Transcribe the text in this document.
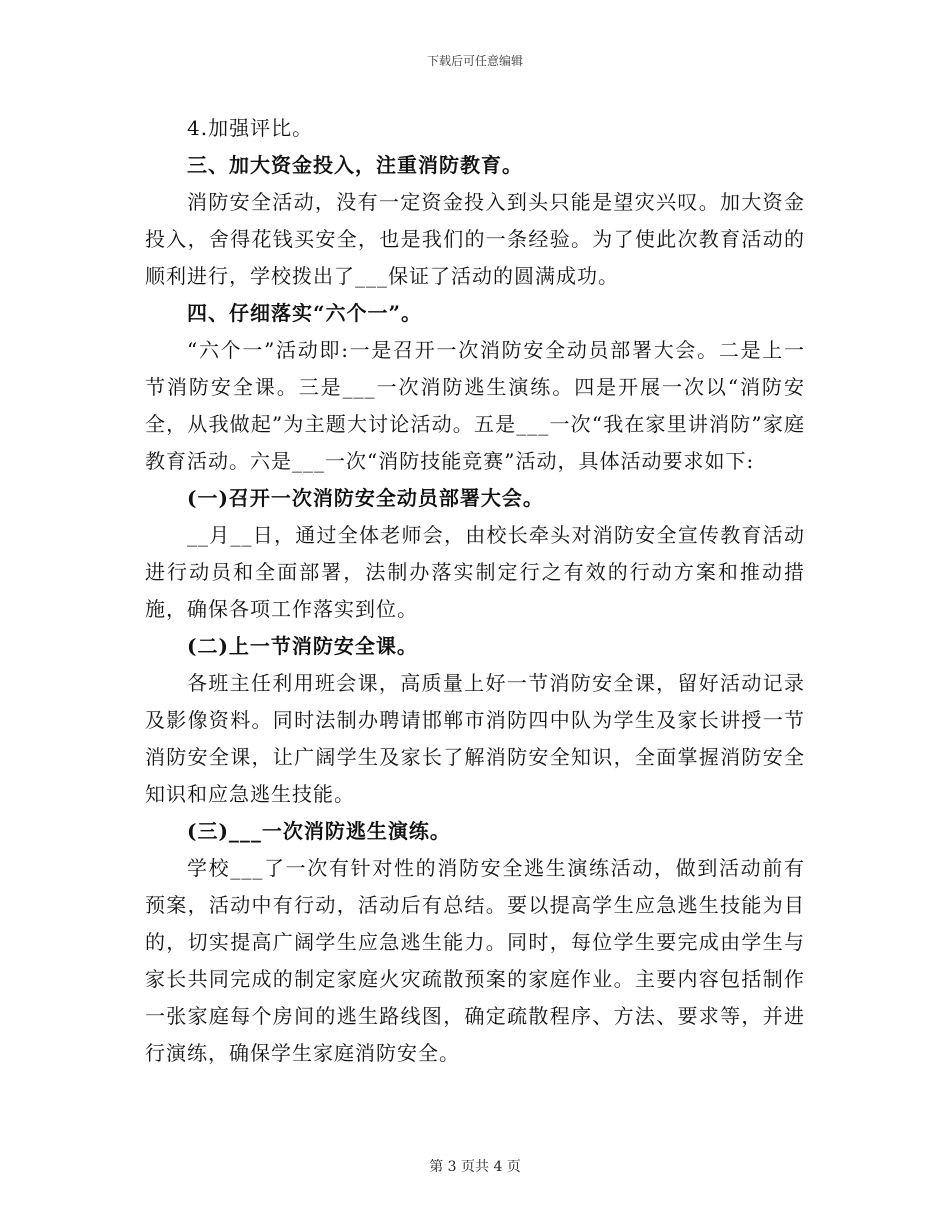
下载后可任意编辑

4.加强评比。

三、加大资金投入，注重消防教育。

消防安全活动，没有一定资金投入到头只能是望灾兴叹。加大资金投入，舍得花钱买安全，也是我们的一条经验。为了使此次教育活动的顺利进行，学校拨出了___保证了活动的圆满成功。

四、仔细落实“六个一”。

“六个一”活动即:一是召开一次消防安全动员部署大会。二是上一节消防安全课。三是___一次消防逃生演练。四是开展一次以“消防安全，从我做起”为主题大讨论活动。五是___一次“我在家里讲消防”家庭教育活动。六是___一次“消防技能竞赛”活动，具体活动要求如下:

(一)召开一次消防安全动员部署大会。

__月__日，通过全体老师会，由校长牵头对消防安全宣传教育活动进行动员和全面部署，法制办落实制定行之有效的行动方案和推动措施，确保各项工作落实到位。

(二)上一节消防安全课。

各班主任利用班会课，高质量上好一节消防安全课，留好活动记录及影像资料。同时法制办聘请邯郸市消防四中队为学生及家长讲授一节消防安全课，让广阔学生及家长了解消防安全知识，全面掌握消防安全知识和应急逃生技能。

(三)___一次消防逃生演练。

学校___了一次有针对性的消防安全逃生演练活动，做到活动前有预案，活动中有行动，活动后有总结。要以提高学生应急逃生技能为目的，切实提高广阔学生应急逃生能力。同时，每位学生要完成由学生与家长共同完成的制定家庭火灾疏散预案的家庭作业。主要内容包括制作一张家庭每个房间的逃生路线图，确定疏散程序、方法、要求等，并进行演练，确保学生家庭消防安全。

第 3 页共 4 页
